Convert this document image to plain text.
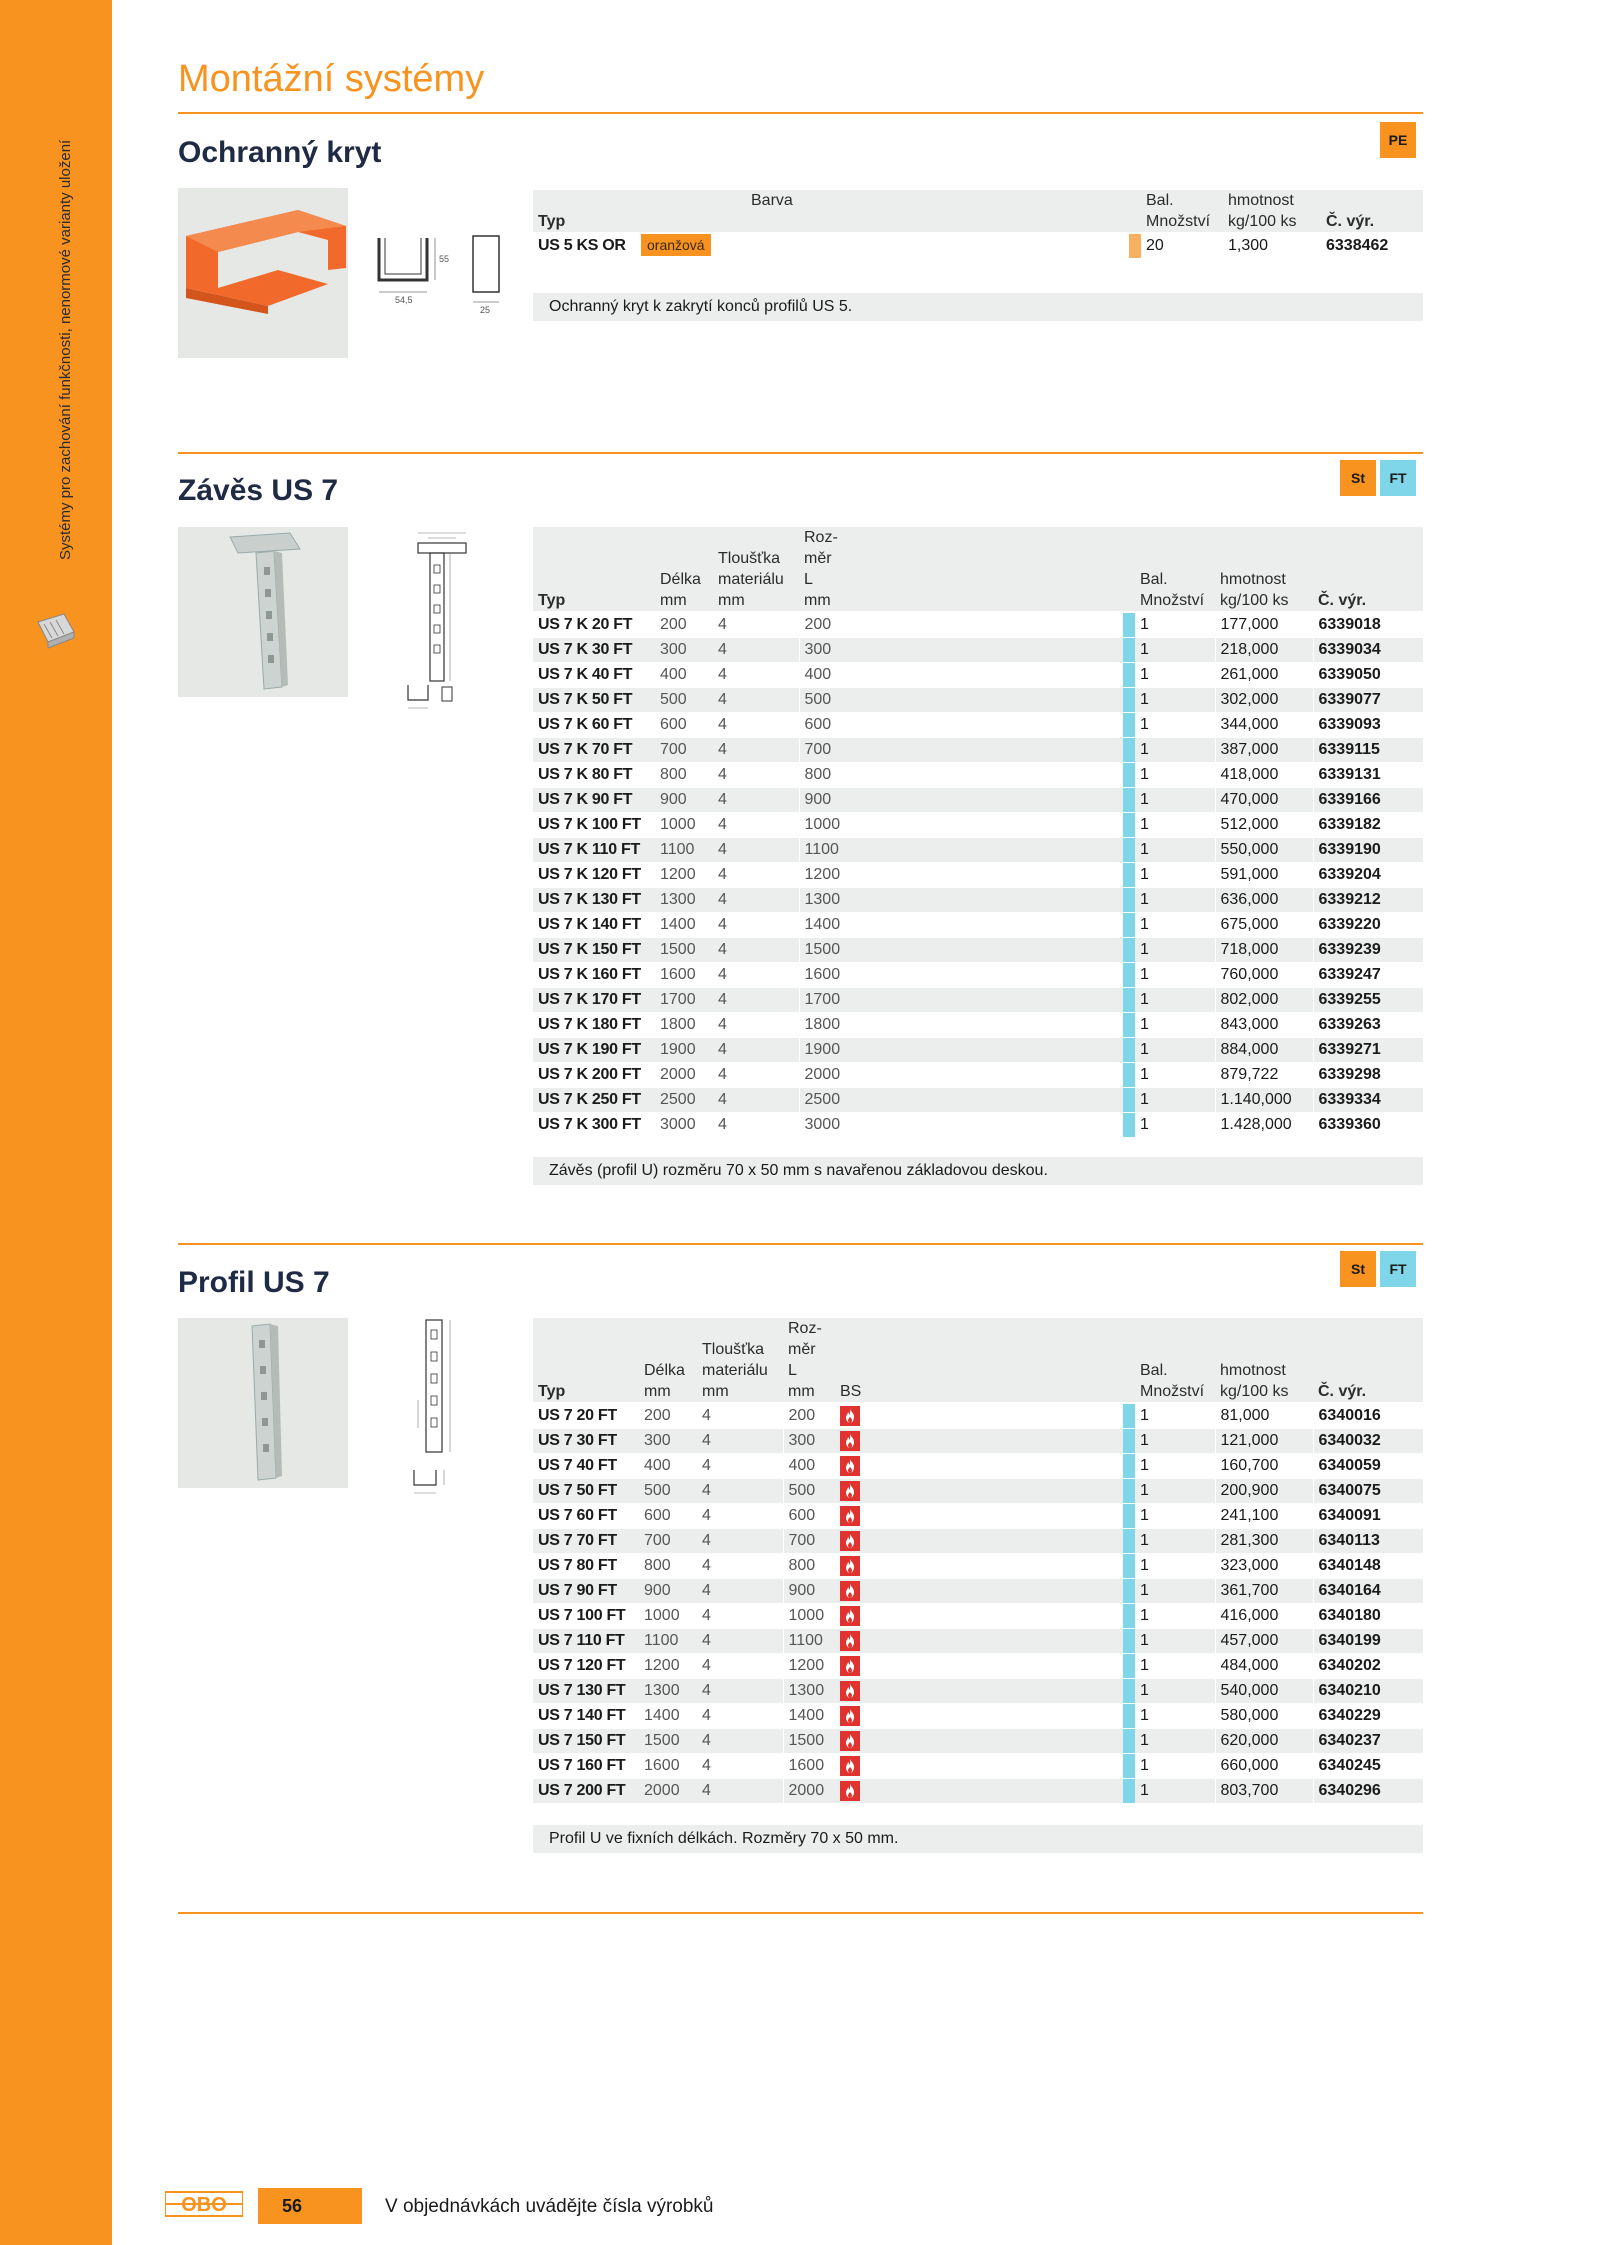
Systémy pro zachování funkčnosti, nenormové varianty uložení
Montážní systémy
Ochranný kryt	PE
55
54,5
25
	Barva		Bal.	hmotnost	
Typ			Množství	kg/100 ks	Č. výr.
US 5 KS OR	oranžová		20	1,300	6338462
Ochranný kryt k zakrytí konců profilů US 5.
Závěs US 7	St	FT
			Roz-				
		Tloušťka	měr				
	Délka	materiálu	L		Bal.	hmotnost	
Typ	mm	mm	mm		Množství	kg/100 ks	Č. výr.
US 7 K 20 FT	200	4	200		1	177,000	6339018
US 7 K 30 FT	300	4	300		1	218,000	6339034
US 7 K 40 FT	400	4	400		1	261,000	6339050
US 7 K 50 FT	500	4	500		1	302,000	6339077
US 7 K 60 FT	600	4	600		1	344,000	6339093
US 7 K 70 FT	700	4	700		1	387,000	6339115
US 7 K 80 FT	800	4	800		1	418,000	6339131
US 7 K 90 FT	900	4	900		1	470,000	6339166
US 7 K 100 FT	1000	4	1000		1	512,000	6339182
US 7 K 110 FT	1100	4	1100		1	550,000	6339190
US 7 K 120 FT	1200	4	1200		1	591,000	6339204
US 7 K 130 FT	1300	4	1300		1	636,000	6339212
US 7 K 140 FT	1400	4	1400		1	675,000	6339220
US 7 K 150 FT	1500	4	1500		1	718,000	6339239
US 7 K 160 FT	1600	4	1600		1	760,000	6339247
US 7 K 170 FT	1700	4	1700		1	802,000	6339255
US 7 K 180 FT	1800	4	1800		1	843,000	6339263
US 7 K 190 FT	1900	4	1900		1	884,000	6339271
US 7 K 200 FT	2000	4	2000		1	879,722	6339298
US 7 K 250 FT	2500	4	2500		1	1.140,000	6339334
US 7 K 300 FT	3000	4	3000		1	1.428,000	6339360
Závěs (profil U) rozměru 70 x 50 mm s navařenou základovou deskou.
Profil US 7	St	FT
			Roz-					
		Tloušťka	měr					
	Délka	materiálu	L			Bal.	hmotnost	
Typ	mm	mm	mm	BS		Množství	kg/100 ks	Č. výr.
US 7 20 FT	200	4	200			1	81,000	6340016
US 7 30 FT	300	4	300			1	121,000	6340032
US 7 40 FT	400	4	400			1	160,700	6340059
US 7 50 FT	500	4	500			1	200,900	6340075
US 7 60 FT	600	4	600			1	241,100	6340091
US 7 70 FT	700	4	700			1	281,300	6340113
US 7 80 FT	800	4	800			1	323,000	6340148
US 7 90 FT	900	4	900			1	361,700	6340164
US 7 100 FT	1000	4	1000			1	416,000	6340180
US 7 110 FT	1100	4	1100			1	457,000	6340199
US 7 120 FT	1200	4	1200			1	484,000	6340202
US 7 130 FT	1300	4	1300			1	540,000	6340210
US 7 140 FT	1400	4	1400			1	580,000	6340229
US 7 150 FT	1500	4	1500			1	620,000	6340237
US 7 160 FT	1600	4	1600			1	660,000	6340245
US 7 200 FT	2000	4	2000			1	803,700	6340296
Profil U ve fixních délkách. Rozměry 70 x 50 mm.
OBO	56	V objednávkách uvádějte čísla výrobků
